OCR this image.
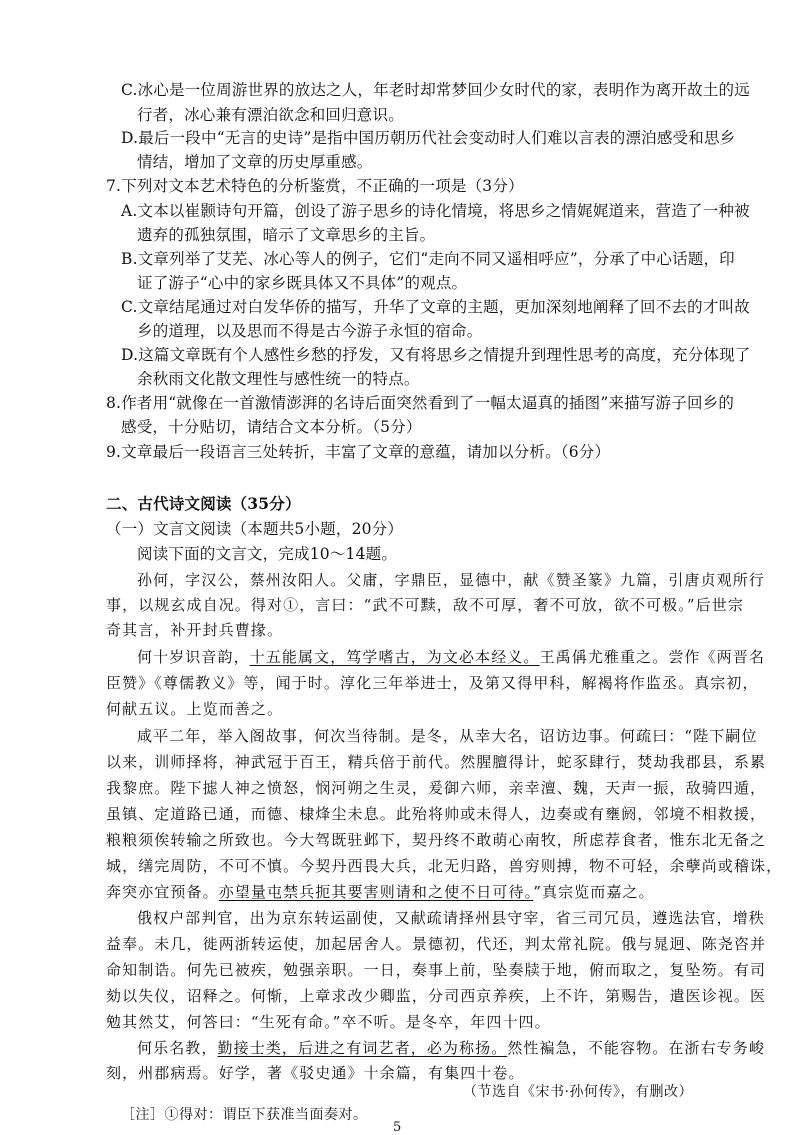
C.冰心是一位周游世界的放达之人，年老时却常梦回少女时代的家，表明作为离开故土的远
行者，冰心兼有漂泊欲念和回归意识。
D.最后一段中“无言的史诗”是指中国历朝历代社会变动时人们难以言表的漂泊感受和思乡
情结，增加了文章的历史厚重感。
7.下列对文本艺术特色的分析鉴赏，不正确的一项是（3分）
A.文本以崔颢诗句开篇，创设了游子思乡的诗化情境，将思乡之情娓娓道来，营造了一种被
遗弃的孤独氛围，暗示了文章思乡的主旨。
B.文章列举了艾芜、冰心等人的例子，它们“走向不同又遥相呼应”，分承了中心话题，印
证了游子“心中的家乡既具体又不具体”的观点。
C.文章结尾通过对白发华侨的描写，升华了文章的主题，更加深刻地阐释了回不去的才叫故
乡的道理，以及思而不得是古今游子永恒的宿命。
D.这篇文章既有个人感性乡愁的抒发，又有将思乡之情提升到理性思考的高度，充分体现了
余秋雨文化散文理性与感性统一的特点。
8.作者用“就像在一首激情澎湃的名诗后面突然看到了一幅太逼真的插图”来描写游子回乡的
感受，十分贴切，请结合文本分析。（5分）
9.文章最后一段语言三处转折，丰富了文章的意蕴，请加以分析。（6分）
二、古代诗文阅读（35分）
（一）文言文阅读（本题共5小题，20分）
阅读下面的文言文，完成10～14题。
孙何，字汉公，蔡州汝阳人。父庸，字鼎臣，显德中，献《赞圣篆》九篇，引唐贞观所行
事，以规玄成自况。得对①，言曰：“武不可黩，敌不可厚，奢不可放，欲不可极。”后世宗
奇其言，补开封兵曹掾。
何十岁识音韵，十五能属文，笃学嗜古，为文必本经义。王禹偁尤雅重之。尝作《两晋名
臣赞》《尊儒教义》等，闻于时。淳化三年举进士，及第又得甲科，解褐将作监丞。真宗初，
何献五议。上览而善之。
咸平二年，举入阁故事，何次当待制。是冬，从幸大名，诏访边事。何疏曰：“陛下嗣位
以来，训师择将，神武冠于百王，精兵倍于前代。然腥膻得计，蛇豕肆行，焚劫我郡县，系累
我黎庶。陛下摅人神之愤怒，悯河朔之生灵，爰御六师，亲幸澶、魏，天声一振，敌骑四遁，
虽镇、定道路已通，而德、棣烽尘未息。此殆将帅或未得人，边奏或有壅阏，邻境不相救援，
粮粮须俟转输之所致也。今大驾既驻邺下，契丹终不敢萌心南牧，所虑荐食者，惟东北无备之
城，缮完周防，不可不慎。今契丹西畏大兵，北无归路，兽穷则搏，物不可轻，余孽尚或稽诛，
奔突亦宜预备。亦望量屯禁兵扼其要害则请和之使不日可待。”真宗览而嘉之。
俄权户部判官，出为京东转运副使，又献疏请择州县守宰，省三司冗员，遵选法官，增秩
益奉。未几，徙两浙转运使，加起居舍人。景德初，代还，判太常礼院。俄与晁迥、陈尧咨并
命知制诰。何先已被疾，勉强亲职。一日，奏事上前，坠奏牍于地，俯而取之，复坠笏。有司
劾以失仪，诏释之。何惭，上章求改少卿监，分司西京养疾，上不许，第赐告，遣医诊视。医
勉其然艾，何答曰：“生死有命。”卒不听。是冬卒，年四十四。
何乐名教，勤接士类，后进之有词艺者，必为称扬。然性褊急，不能容物。在浙右专务峻
刻，州郡病焉。好学，著《驳史通》十余篇，有集四十卷。
（节选自《宋书·孙何传》，有删改）
［注］①得对：谓臣下获准当面奏对。
5
